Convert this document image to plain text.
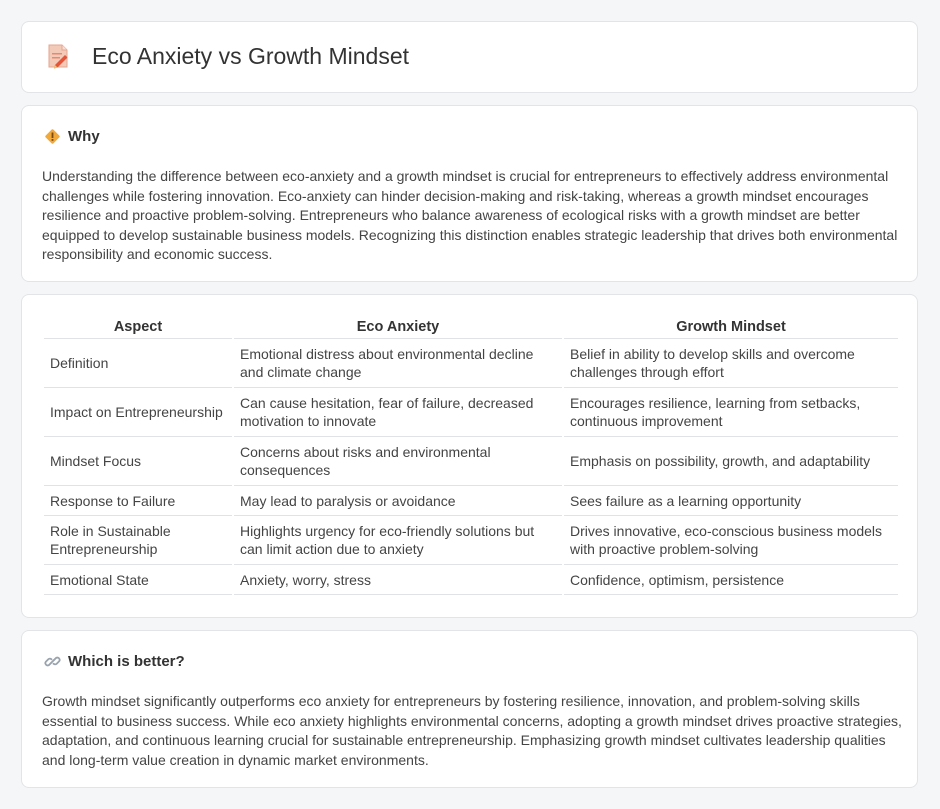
Eco Anxiety vs Growth Mindset
Why
Understanding the difference between eco-anxiety and a growth mindset is crucial for entrepreneurs to effectively address environmental challenges while fostering innovation. Eco-anxiety can hinder decision-making and risk-taking, whereas a growth mindset encourages resilience and proactive problem-solving. Entrepreneurs who balance awareness of ecological risks with a growth mindset are better equipped to develop sustainable business models. Recognizing this distinction enables strategic leadership that drives both environmental responsibility and economic success.
Aspect	Eco Anxiety	Growth Mindset
Definition	Emotional distress about environmental decline and climate change	Belief in ability to develop skills and overcome challenges through effort
Impact on Entrepreneurship	Can cause hesitation, fear of failure, decreased motivation to innovate	Encourages resilience, learning from setbacks, continuous improvement
Mindset Focus	Concerns about risks and environmental consequences	Emphasis on possibility, growth, and adaptability
Response to Failure	May lead to paralysis or avoidance	Sees failure as a learning opportunity
Role in Sustainable Entrepreneurship	Highlights urgency for eco-friendly solutions but can limit action due to anxiety	Drives innovative, eco-conscious business models with proactive problem-solving
Emotional State	Anxiety, worry, stress	Confidence, optimism, persistence
Which is better?
Growth mindset significantly outperforms eco anxiety for entrepreneurs by fostering resilience, innovation, and problem-solving skills essential to business success. While eco anxiety highlights environmental concerns, adopting a growth mindset drives proactive strategies, adaptation, and continuous learning crucial for sustainable entrepreneurship. Emphasizing growth mindset cultivates leadership qualities and long-term value creation in dynamic market environments.
